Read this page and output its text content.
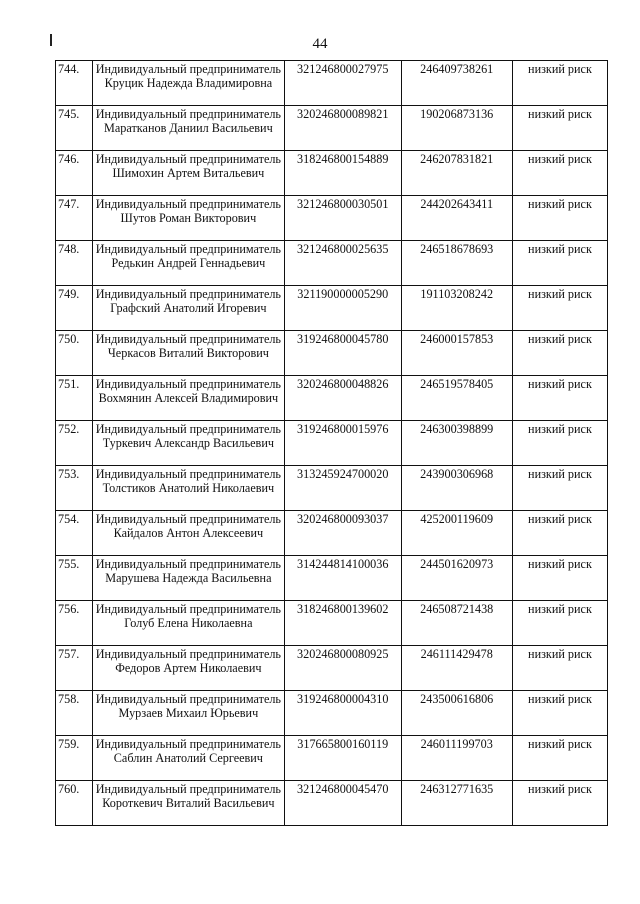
44
744.	Индивидуальный предприниматель Круцик Надежда Владимировна	321246800027975	246409738261	низкий риск
745.	Индивидуальный предприниматель Маратканов Даниил Васильевич	320246800089821	190206873136	низкий риск
746.	Индивидуальный предприниматель Шимохин Артем Витальевич	318246800154889	246207831821	низкий риск
747.	Индивидуальный предприниматель Шутов Роман Викторович	321246800030501	244202643411	низкий риск
748.	Индивидуальный предприниматель Редькин Андрей Геннадьевич	321246800025635	246518678693	низкий риск
749.	Индивидуальный предприниматель Графский Анатолий Игоревич	321190000005290	191103208242	низкий риск
750.	Индивидуальный предприниматель Черкасов Виталий Викторович	319246800045780	246000157853	низкий риск
751.	Индивидуальный предприниматель Вохмянин Алексей Владимирович	320246800048826	246519578405	низкий риск
752.	Индивидуальный предприниматель Туркевич Александр Васильевич	319246800015976	246300398899	низкий риск
753.	Индивидуальный предприниматель Толстиков Анатолий Николаевич	313245924700020	243900306968	низкий риск
754.	Индивидуальный предприниматель Кайдалов Антон Алексеевич	320246800093037	425200119609	низкий риск
755.	Индивидуальный предприниматель Марушева Надежда Васильевна	314244814100036	244501620973	низкий риск
756.	Индивидуальный предприниматель Голуб Елена Николаевна	318246800139602	246508721438	низкий риск
757.	Индивидуальный предприниматель Федоров Артем Николаевич	320246800080925	246111429478	низкий риск
758.	Индивидуальный предприниматель Мурзаев Михаил Юрьевич	319246800004310	243500616806	низкий риск
759.	Индивидуальный предприниматель Саблин Анатолий Сергеевич	317665800160119	246011199703	низкий риск
760.	Индивидуальный предприниматель Короткевич Виталий Васильевич	321246800045470	246312771635	низкий риск
